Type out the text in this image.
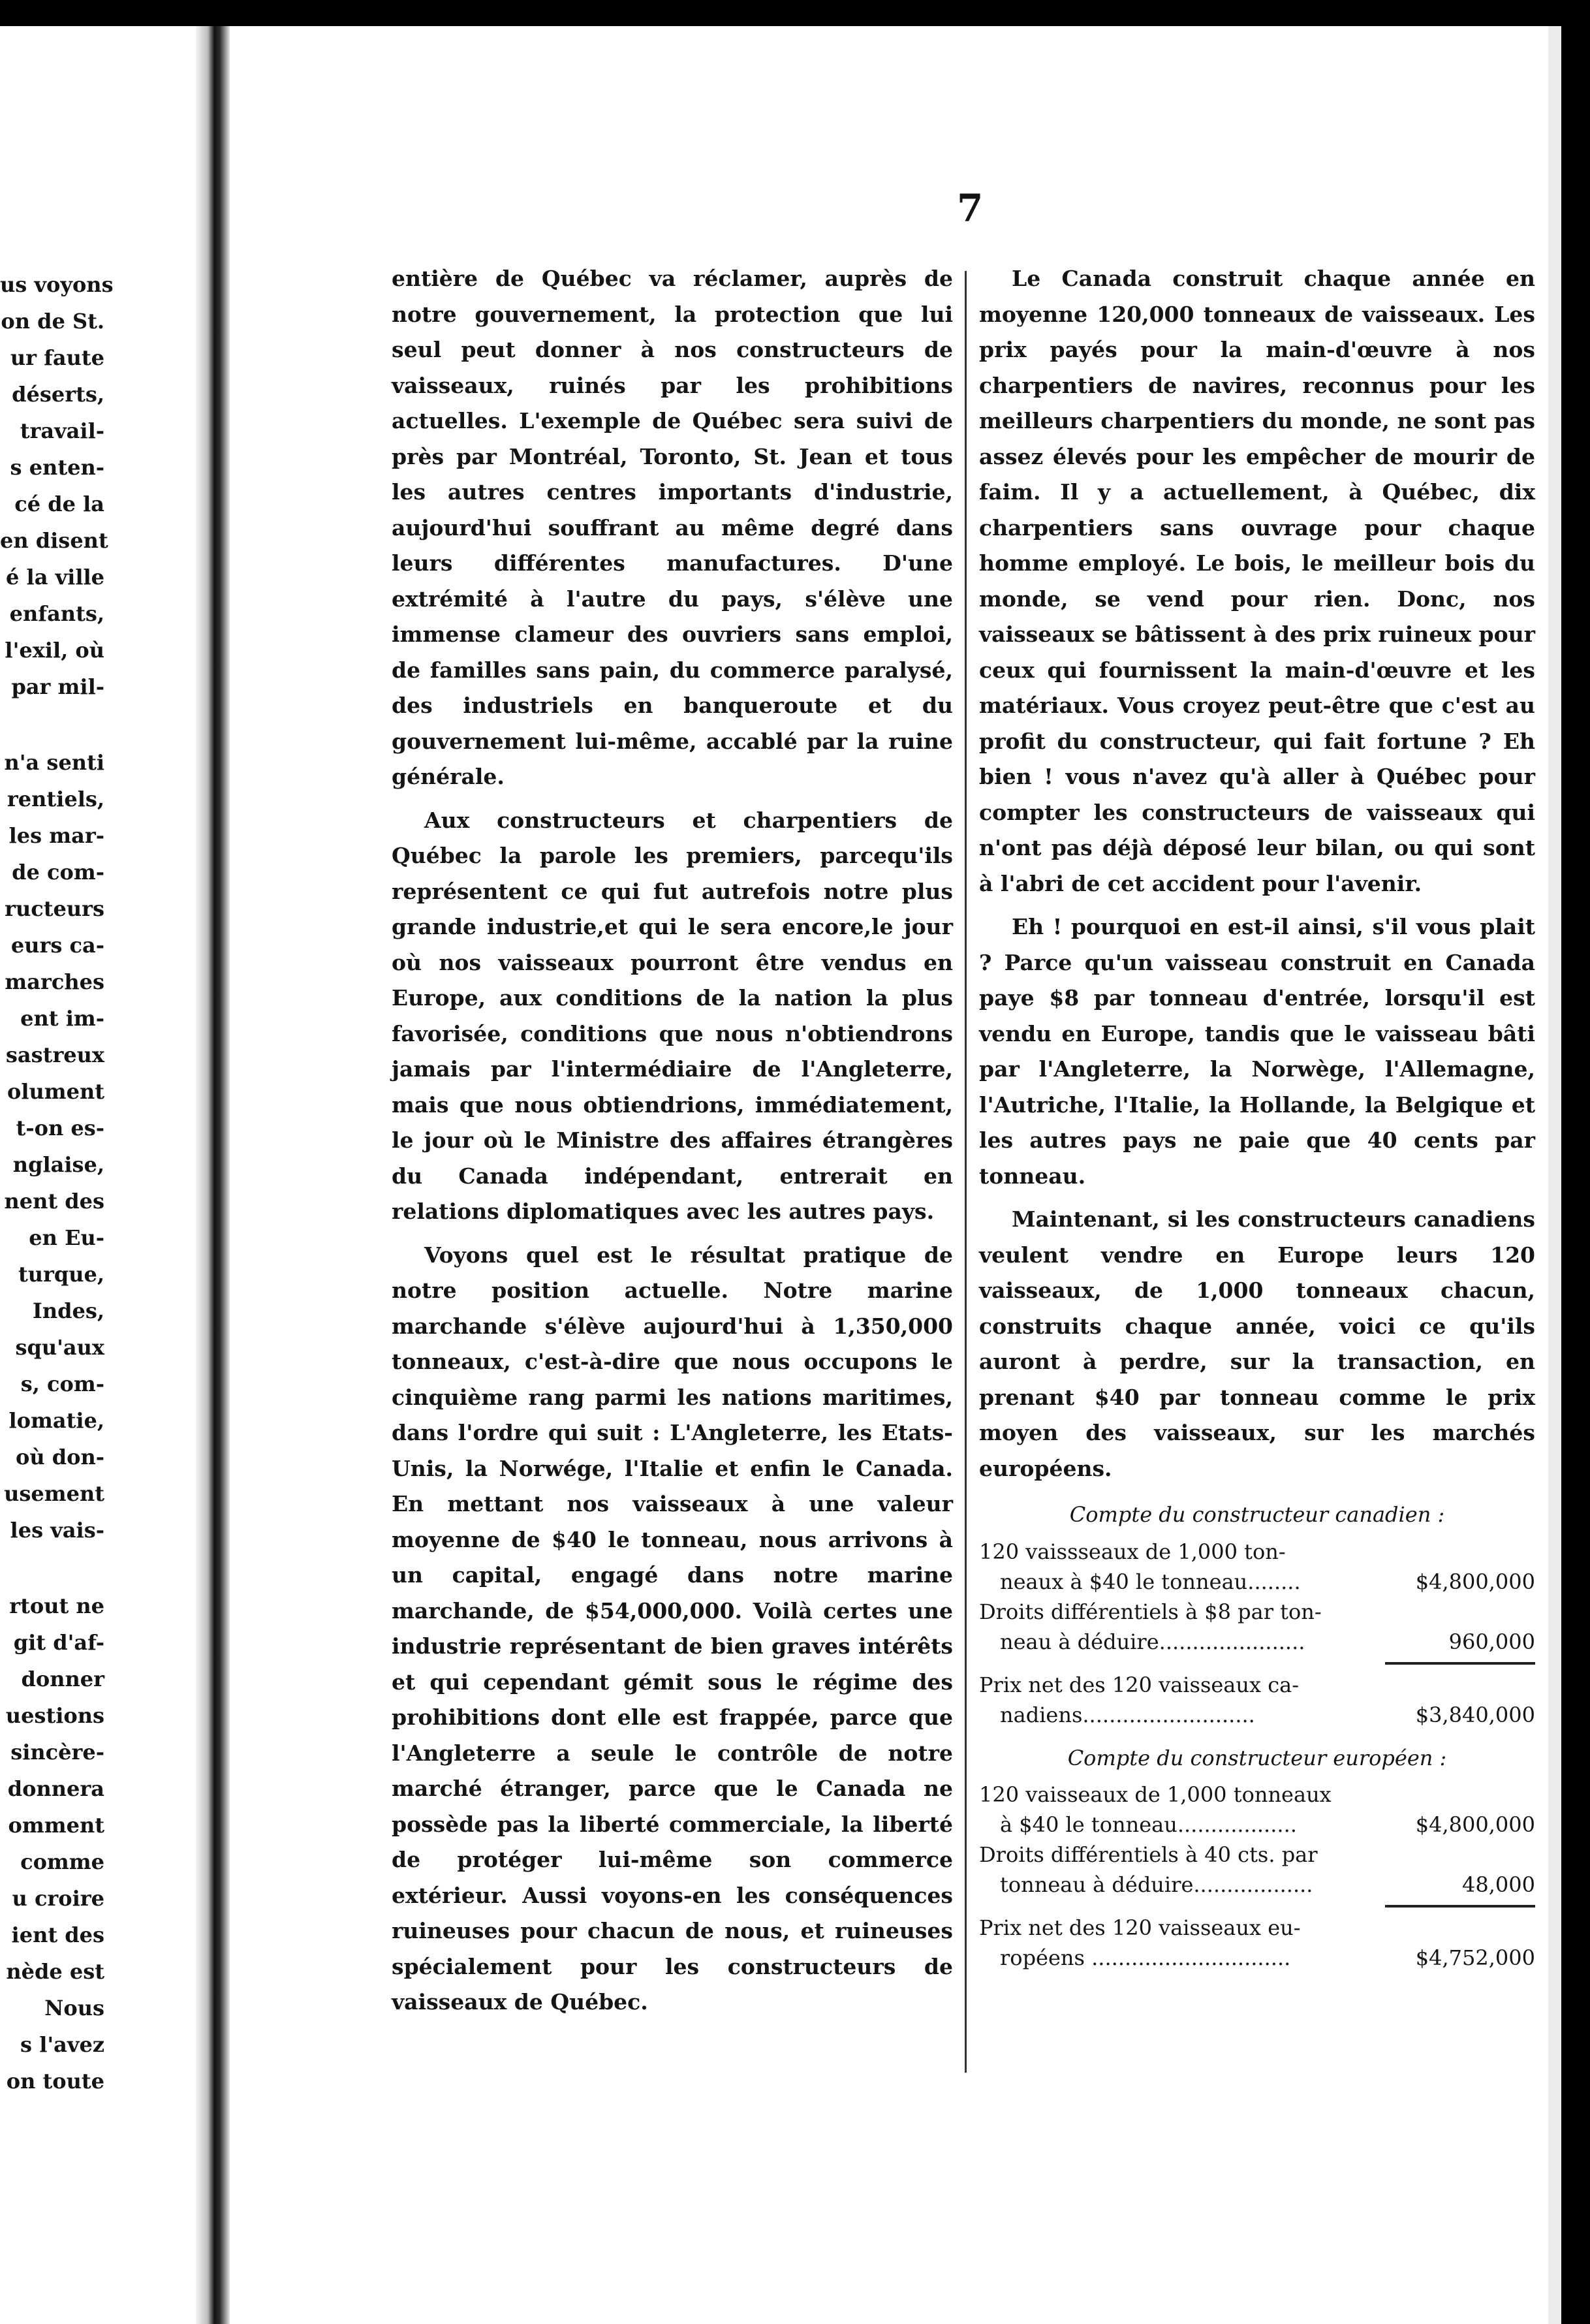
us voyons
on de St.
ur faute
déserts,
travail-
s enten-
cé de la
en disent
é la ville
enfants,
l'exil, où
par mil-
n'a senti
rentiels,
les mar-
de com-
ructeurs
eurs ca-
marches
ent im-
sastreux
olument
t-on es-
nglaise,
nent des
en Eu-
turque,
Indes,
squ'aux
s, com-
lomatie,
où don-
usement
les vais-
rtout ne
git d'af-
donner
uestions
sincère-
donnera
omment
comme
u croire
ient des
nède est
Nous
s l'avez
on toute
7

entière de Québec va réclamer, auprès de notre gouvernement, la protection que lui seul peut donner à nos constructeurs de vaisseaux, ruinés par les prohibitions actuelles. L'exemple de Québec sera suivi de près par Montréal, Toronto, St. Jean et tous les autres centres importants d'industrie, aujourd'hui souffrant au même degré dans leurs différentes manufactures. D'une extrémité à l'autre du pays, s'élève une immense clameur des ouvriers sans emploi, de familles sans pain, du commerce paralysé, des industriels en banqueroute et du gouvernement lui-même, accablé par la ruine générale.

Aux constructeurs et charpentiers de Québec la parole les premiers, parcequ'ils représentent ce qui fut autrefois notre plus grande industrie,et qui le sera encore,le jour où nos vaisseaux pourront être vendus en Europe, aux conditions de la nation la plus favorisée, conditions que nous n'obtiendrons jamais par l'intermédiaire de l'Angleterre, mais que nous obtiendrions, immédiatement, le jour où le Ministre des affaires étrangères du Canada indépendant, entrerait en relations diplomatiques avec les autres pays.

Voyons quel est le résultat pratique de notre position actuelle. Notre marine marchande s'élève aujourd'hui à 1,350,000 tonneaux, c'est-à-dire que nous occupons le cinquième rang parmi les nations maritimes, dans l'ordre qui suit : L'Angleterre, les Etats-Unis, la Norwége, l'Italie et enfin le Canada. En mettant nos vaisseaux à une valeur moyenne de $40 le tonneau, nous arrivons à un capital, engagé dans notre marine marchande, de $54,000,000. Voilà certes une industrie représentant de bien graves intérêts et qui cependant gémit sous le régime des prohibitions dont elle est frappée, parce que l'Angleterre a seule le contrôle de notre marché étranger, parce que le Canada ne possède pas la liberté commerciale, la liberté de protéger lui-même son commerce extérieur. Aussi voyons-en les conséquences ruineuses pour chacun de nous, et ruineuses spécialement pour les constructeurs de vaisseaux de Québec.

Le Canada construit chaque année en moyenne 120,000 tonneaux de vaisseaux. Les prix payés pour la main-d'œuvre à nos charpentiers de navires, reconnus pour les meilleurs charpentiers du monde, ne sont pas assez élevés pour les empêcher de mourir de faim. Il y a actuellement, à Québec, dix charpentiers sans ouvrage pour chaque homme employé. Le bois, le meilleur bois du monde, se vend pour rien. Donc, nos vaisseaux se bâtissent à des prix ruineux pour ceux qui fournissent la main-d'œuvre et les matériaux. Vous croyez peut-être que c'est au profit du constructeur, qui fait fortune ? Eh bien ! vous n'avez qu'à aller à Québec pour compter les constructeurs de vaisseaux qui n'ont pas déjà déposé leur bilan, ou qui sont à l'abri de cet accident pour l'avenir.

Eh ! pourquoi en est-il ainsi, s'il vous plait ? Parce qu'un vaisseau construit en Canada paye $8 par tonneau d'entrée, lorsqu'il est vendu en Europe, tandis que le vaisseau bâti par l'Angleterre, la Norwège, l'Allemagne, l'Autriche, l'Italie, la Hollande, la Belgique et les autres pays ne paie que 40 cents par tonneau.

Maintenant, si les constructeurs canadiens veulent vendre en Europe leurs 120 vaisseaux, de 1,000 tonneaux chacun, construits chaque année, voici ce qu'ils auront à perdre, sur la transaction, en prenant $40 par tonneau comme le prix moyen des vaisseaux, sur les marchés européens.

Compte du constructeur canadien :
120 vaissseaux de 1,000 ton-
neaux à $40 le tonneau........	$4,800,000
Droits différentiels à $8 par ton-
neau à déduire......................	960,000
Prix net des 120 vaisseaux ca-
nadiens..........................	$3,840,000
Compte du constructeur européen :
120 vaisseaux de 1,000 tonneaux
à $40 le tonneau..................	$4,800,000
Droits différentiels à 40 cts. par
tonneau à déduire..................	48,000
Prix net des 120 vaisseaux eu-
ropéens ..............................	$4,752,000
